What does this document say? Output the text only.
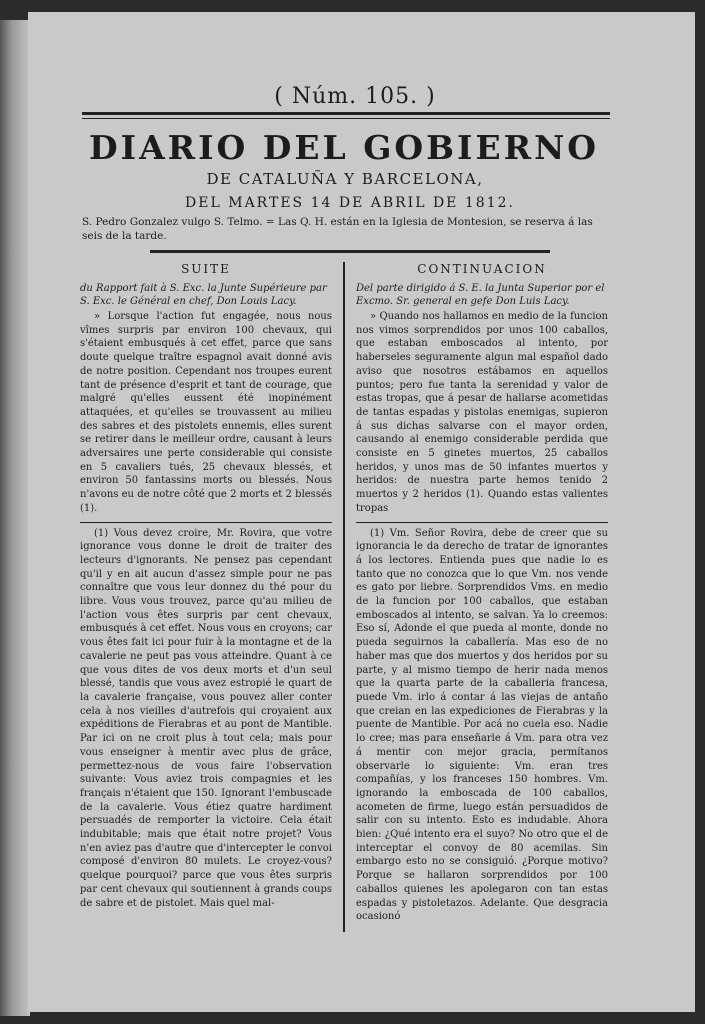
( Núm. 105. )
DIARIO DEL GOBIERNO
DE CATALUÑA Y BARCELONA,
DEL MARTES 14 DE ABRIL DE 1812.
S. Pedro Gonzalez vulgo S. Telmo. = Las Q. H. están en la Iglesia de Montesion, se reserva á las seis de la tarde.
SUITE
du Rapport fait à S. Exc. la Junte Supérieure par S. Exc. le Général en chef, Don Louis Lacy.
» Lorsque l'action fut engagée, nous nous vîmes surpris par environ 100 chevaux, qui s'étaient embusqués à cet effet, parce que sans doute quelque traître espagnol avait donné avis de notre position. Cependant nos troupes eurent tant de présence d'esprit et tant de courage, que malgré qu'elles eussent été inopinément attaquées, et qu'elles se trouvassent au milieu des sabres et des pistolets ennemis, elles surent se retirer dans le meilleur ordre, causant à leurs adversaires une perte considerable qui consiste en 5 cavaliers tués, 25 chevaux blessés, et environ 50 fantassins morts ou blessés. Nous n'avons eu de notre côté que 2 morts et 2 blessés (1).
(1) Vous devez croire, Mr. Rovira, que votre ignorance vous donne le droit de traiter des lecteurs d'ignorants. Ne pensez pas cependant qu'il y en ait aucun d'assez simple pour ne pas connaître que vous leur donnez du thé pour du libre. Vous vous trouvez, parce qu'au milieu de l'action vous êtes surpris par cent chevaux, embusqués à cet effet. Nous vous en croyons; car vous êtes fait ici pour fuir à la montagne et de la cavalerie ne peut pas vous atteindre. Quant à ce que vous dites de vos deux morts et d'un seul blessé, tandis que vous avez estropié le quart de la cavalerie française, vous pouvez aller conter cela à nos vieilles d'autrefois qui croyaient aux expéditions de Fierabras et au pont de Mantible. Par ici on ne croit plus à tout cela; mais pour vous enseigner à mentir avec plus de grâce, permettez-nous de vous faire l'observation suivante: Vous aviez trois compagnies et les français n'étaient que 150. Ignorant l'embuscade de la cavalerie. Vous étiez quatre hardiment persuadés de remporter la victoire. Cela était indubitable; mais que était notre projet? Vous n'en aviez pas d'autre que d'intercepter le convoi composé d'environ 80 mulets. Le croyez-vous? quelque pourquoi? parce que vous êtes surpris par cent chevaux qui soutiennent à grands coups de sabre et de pistolet. Mais quel mal-
CONTINUACION
Del parte dirigido á S. E. la Junta Superior por el Excmo. Sr. general en gefe Don Luis Lacy.
» Quando nos hallamos en medio de la funcion nos vimos sorprendidos por unos 100 caballos, que estaban emboscados al intento, por haberseles seguramente algun mal español dado aviso que nosotros estábamos en aquellos puntos; pero fue tanta la serenidad y valor de estas tropas, que á pesar de hallarse acometidas de tantas espadas y pistolas enemigas, supieron á sus dichas salvarse con el mayor orden, causando al enemigo considerable perdida que consiste en 5 ginetes muertos, 25 caballos heridos, y unos mas de 50 infantes muertos y heridos: de nuestra parte hemos tenido 2 muertos y 2 heridos (1). Quando estas valientes tropas
(1) Vm. Señor Rovira, debe de creer que su ignorancia le da derecho de tratar de ignorantes á los lectores. Entienda pues que nadie lo es tanto que no conozca que lo que Vm. nos vende es gato por liebre. Sorprendidos Vms. en medio de la funcion por 100 caballos, que estaban emboscados al intento, se salvan. Ya lo creemos: Eso sí, Adonde el que pueda al monte, donde no pueda seguirnos la caballería. Mas eso de no haber mas que dos muertos y dos heridos por su parte, y al mismo tiempo de herir nada menos que la quarta parte de la caballeria francesa, puede Vm. irlo á contar á las viejas de antaño que creian en las expediciones de Fierabras y la puente de Mantible. Por acá no cuela eso. Nadie lo cree; mas para enseñarle á Vm. para otra vez á mentir con mejor gracia, permítanos observarle lo siguiente: Vm. eran tres compañías, y los franceses 150 hombres. Vm. ignorando la emboscada de 100 caballos, acometen de firme, luego están persuadidos de salir con su intento. Esto es indudable. Ahora bien: ¿Qué intento era el suyo? No otro que el de interceptar el convoy de 80 acemilas. Sin embargo esto no se consiguió. ¿Porque motivo? Porque se hallaron sorprendidos por 100 caballos quienes les apolegaron con tan estas espadas y pistoletazos. Adelante. Que desgracia ocasionó
